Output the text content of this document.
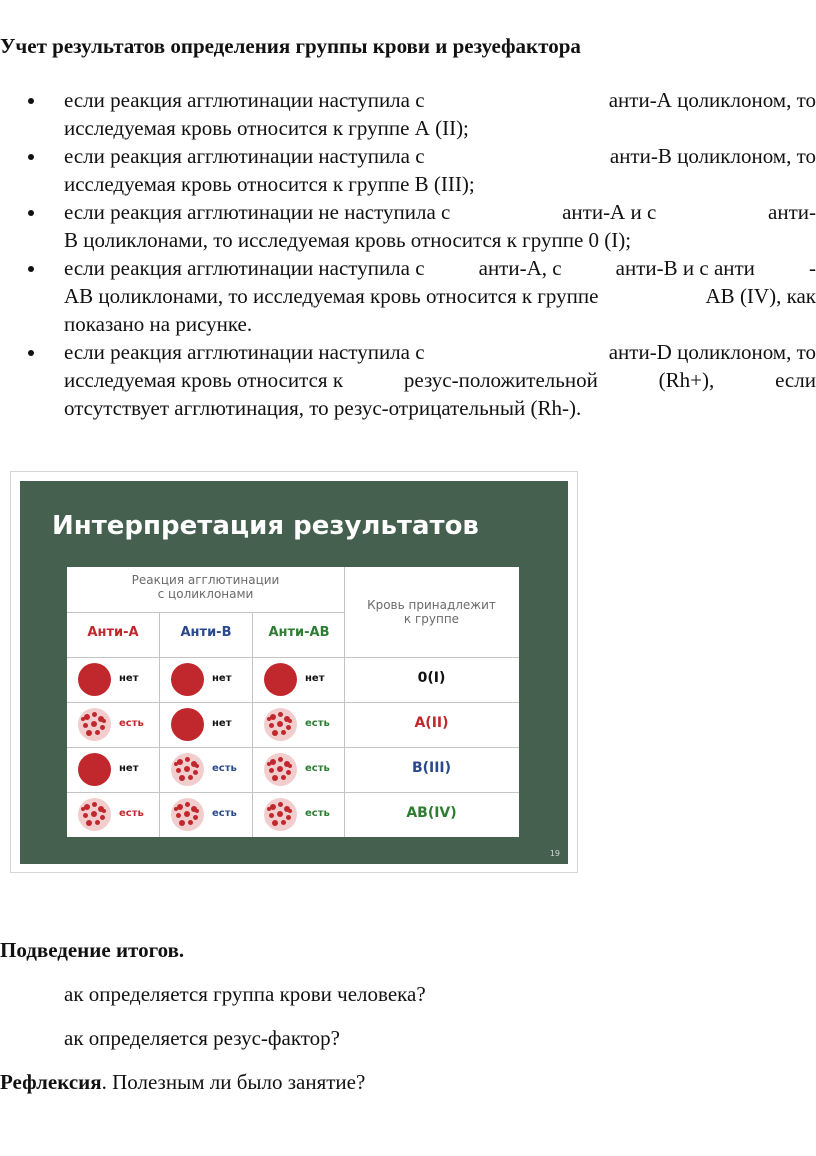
Учет результатов определения группы крови и резуефактора
если реакция агглютинации наступила с	анти-А цоликлоном, то
исследуемая кровь относится к группе А (II);
если реакция агглютинации наступила с	анти-В цоликлоном, то
исследуемая кровь относится к группе В (III);
если реакция агглютинации не наступила с	анти-А и с	анти-
В цоликлонами, то исследуемая кровь относится к группе 0 (I);
если реакция агглютинации наступила с	анти-А, с	анти-В и с анти	-
АВ цоликлонами, то исследуемая кровь относится к группе	АВ (IV), как
показано на рисунке.
если реакция агглютинации наступила с	анти-D цоликлоном, то
исследуемая кровь относится к	резус-положительной	(Rh+),	если
отсутствует агглютинация, то резус-отрицательный (Rh-).
Интерпретация результатов
Реакция агглютинации
с цоликлонами
Кровь принадлежит
к группе
Анти-А	Анти-В	Анти-АВ
нет	нет	нет	0(I)
есть	нет	есть	A(II)
нет	есть	есть	B(III)
есть	есть	есть	AB(IV)
19

Подведение итогов.

ак определяется группа крови человека?

ак определяется резус-фактор?

Рефлексия. Полезным ли было занятие?
